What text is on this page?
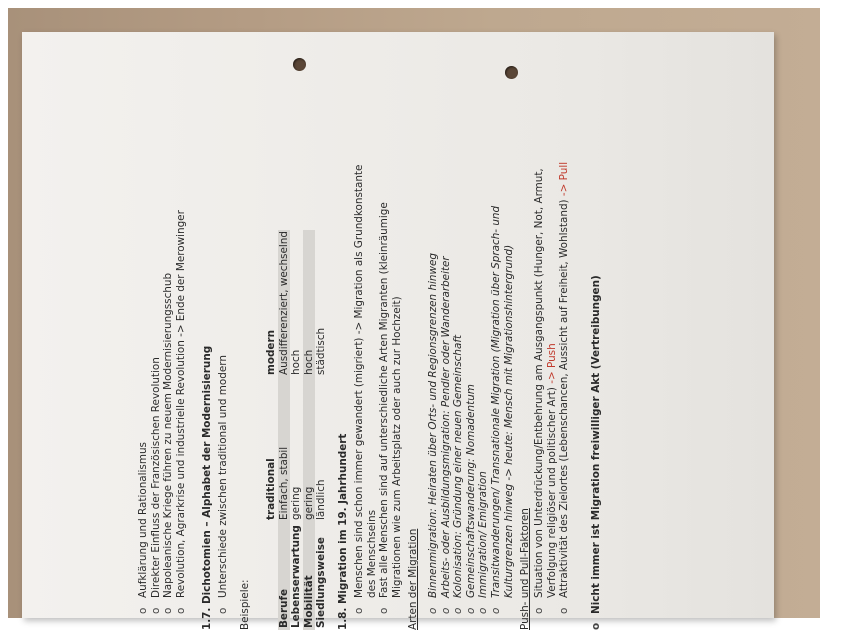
oAufklärung und Rationalismus
oDirekter Einfluss der Französischen Revolution
oNapoleanische Kriege führen zu neuem Modernisierungsschub
oRevolution, Agrarkrise und industrielle Revolution -> Ende der Merowinger 1.7. Dichotomien – Alphabet der Modernisierung oUnterschiede zwischen traditional und modern
Beispiele:
traditional
modern
Berufe
Einfach, stabil
Ausdifferenziert, wechselnd
Lebenserwartung
gering
hoch
Mobilität
gering
hoch
Siedlungsweise
ländlich
städtisch
1.8. Migration im 19. Jahrhundert oMenschen sind schon immer gewandert (migriert) -> Migration als Grundkonstante des Menschseins
oFast alle Menschen sind auf unterschiedliche Arten Migranten (kleinräumige Migrationen wie zum Arbeitsplatz oder auch zur Hochzeit) Arten der Migration oBinnenmigration: Heiraten über Orts- und Regionsgrenzen hinweg
oArbeits- oder Ausbildungsmigration: Pendler oder Wanderarbeiter
oKolonisation: Gründung einer neuen Gemeinschaft
oGemeinschaftswanderung: Nomadentum
oImmigration/ Emigration
oTransitwanderungen/ Transnationale Migration (Migration über Sprach- und Kulturgrenzen hinweg -> heute: Mensch mit Migrationshintergrund) Push- und Pull-Faktoren oSituation von Unterdrückung/Entbehrung am Ausgangspunkt (Hunger, Not, Armut, Verfolgung religiöser und politischer Art) -> Push
oAttraktivität des Zielortes (Lebenschancen, Aussicht auf Freiheit, Wohlstand) -> Pull
oNicht immer ist Migration freiwilliger Akt (Vertreibungen)
